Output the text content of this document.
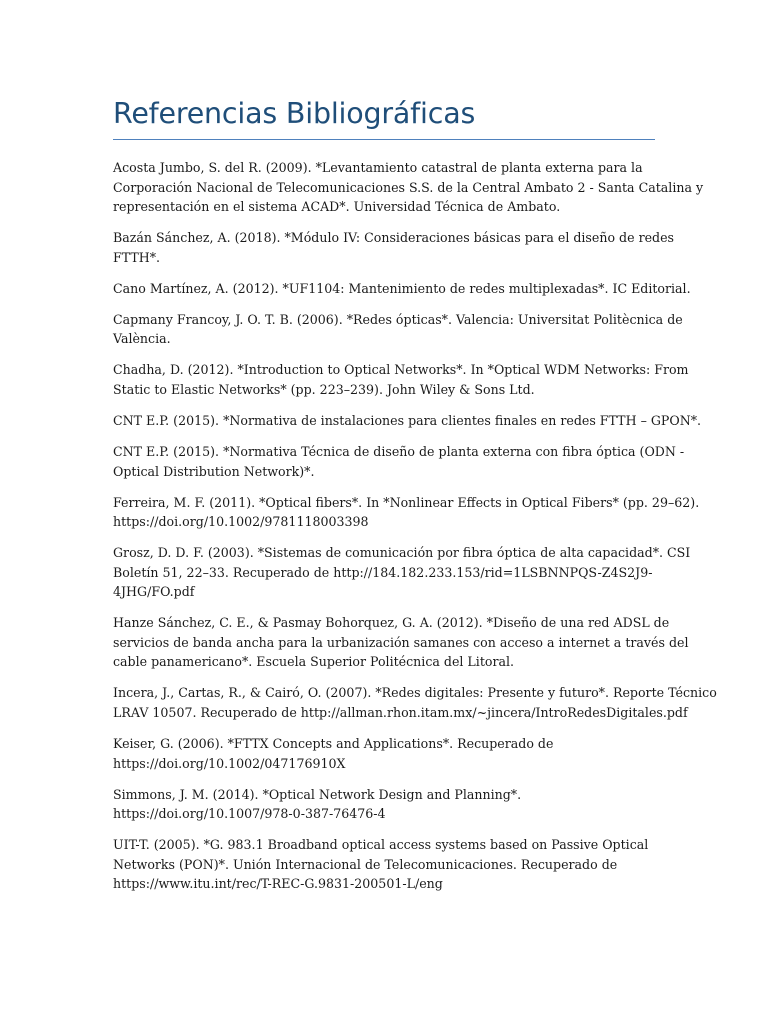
Referencias Bibliográficas
Acosta Jumbo, S. del R. (2009). *Levantamiento catastral de planta externa para la
Corporación Nacional de Telecomunicaciones S.S. de la Central Ambato 2 - Santa Catalina y
representación en el sistema ACAD*. Universidad Técnica de Ambato.
Bazán Sánchez, A. (2018). *Módulo IV: Consideraciones básicas para el diseño de redes
FTTH*.
Cano Martínez, A. (2012). *UF1104: Mantenimiento de redes multiplexadas*. IC Editorial.
Capmany Francoy, J. O. T. B. (2006). *Redes ópticas*. Valencia: Universitat Politècnica de
València.
Chadha, D. (2012). *Introduction to Optical Networks*. In *Optical WDM Networks: From
Static to Elastic Networks* (pp. 223–239). John Wiley & Sons Ltd.
CNT E.P. (2015). *Normativa de instalaciones para clientes finales en redes FTTH – GPON*.
CNT E.P. (2015). *Normativa Técnica de diseño de planta externa con fibra óptica (ODN -
Optical Distribution Network)*.
Ferreira, M. F. (2011). *Optical fibers*. In *Nonlinear Effects in Optical Fibers* (pp. 29–62).
https://doi.org/10.1002/9781118003398
Grosz, D. D. F. (2003). *Sistemas de comunicación por fibra óptica de alta capacidad*. CSI
Boletín 51, 22–33. Recuperado de http://184.182.233.153/rid=1LSBNNPQS-Z4S2J9-
4JHG/FO.pdf
Hanze Sánchez, C. E., & Pasmay Bohorquez, G. A. (2012). *Diseño de una red ADSL de
servicios de banda ancha para la urbanización samanes con acceso a internet a través del
cable panamericano*. Escuela Superior Politécnica del Litoral.
Incera, J., Cartas, R., & Cairó, O. (2007). *Redes digitales: Presente y futuro*. Reporte Técnico
LRAV 10507. Recuperado de http://allman.rhon.itam.mx/~jincera/IntroRedesDigitales.pdf
Keiser, G. (2006). *FTTX Concepts and Applications*. Recuperado de
https://doi.org/10.1002/047176910X
Simmons, J. M. (2014). *Optical Network Design and Planning*.
https://doi.org/10.1007/978-0-387-76476-4
UIT-T. (2005). *G. 983.1 Broadband optical access systems based on Passive Optical
Networks (PON)*. Unión Internacional de Telecomunicaciones. Recuperado de
https://www.itu.int/rec/T-REC-G.9831-200501-L/eng
